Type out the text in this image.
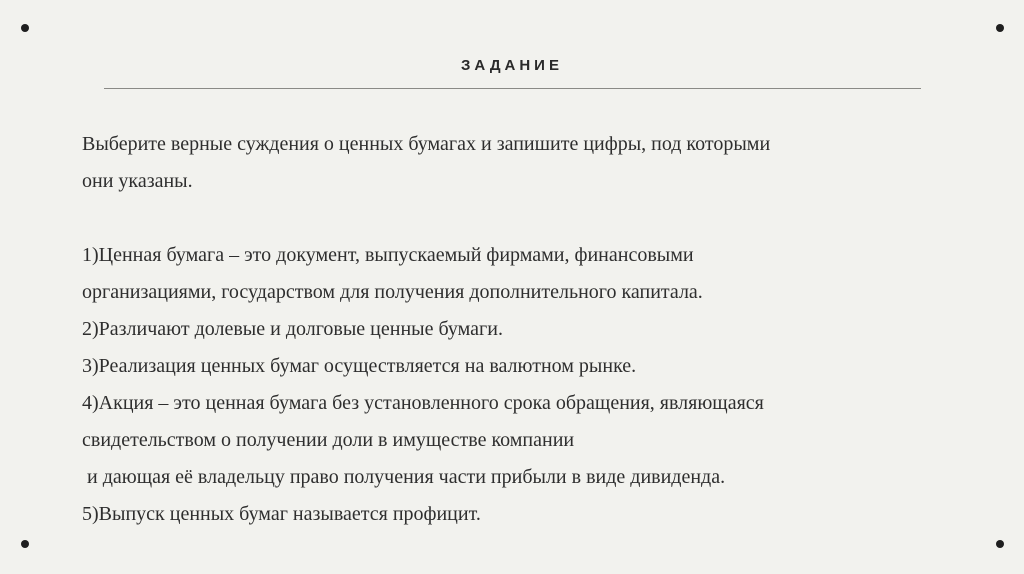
ЗАДАНИЕ
Выберите верные суждения о ценных бумагах и запишите цифры, под которыми
они указаны.
1)Ценная бумага – это документ, выпускаемый фирмами, финансовыми
организациями, государством для получения дополнительного капитала.
2)Различают долевые и долговые ценные бумаги.
3)Реализация ценных бумаг осуществляется на валютном рынке.
4)Акция – это ценная бумага без установленного срока обращения, являющаяся
свидетельством о получении доли в имуществе компании
и дающая её владельцу право получения части прибыли в виде дивиденда.
5)Выпуск ценных бумаг называется профицит.
